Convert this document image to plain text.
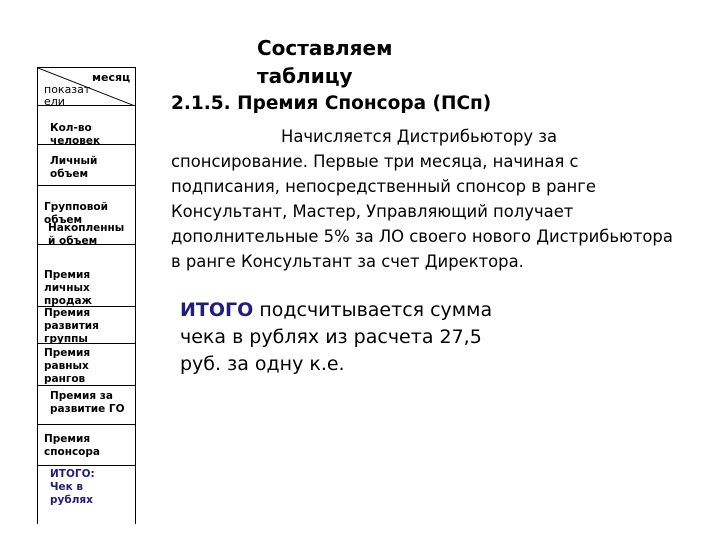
Составляем
таблицу
2.1.5. Премия Спонсора (ПСп)
Начисляется Дистрибьютору за спонсирование. Первые три месяца, начиная с подписания, непосредственный спонсор в ранге Консультант, Мастер, Управляющий получает дополнительные 5% за ЛО своего нового Дистрибьютора в ранге Консультант за счет Директора.
ИТОГО подсчитывается сумма чека в рублях из расчета 27,5 руб. за одну к.е.
месяц
показат
ели
Кол-во
человек
Личный
объем
Групповой
объем
Накопленны
й объем
Премия
личных
продаж
Премия
развития
группы
Премия
равных
рангов
Премия за
развитие ГО
Премия
спонсора
ИТОГО:
Чек в
рублях
